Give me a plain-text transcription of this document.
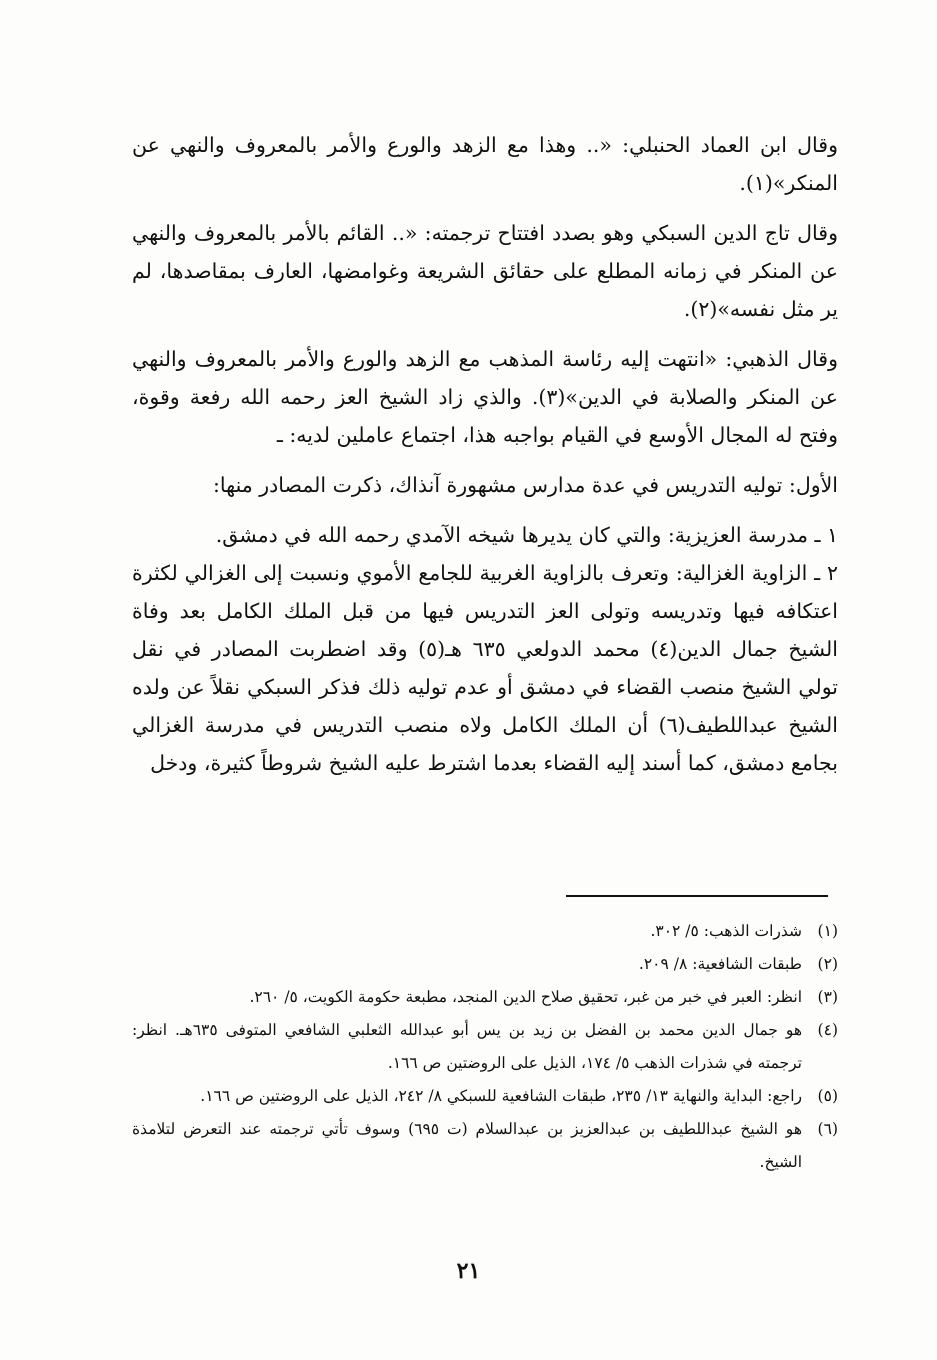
وقال ابن العماد الحنبلي: «.. وهذا مع الزهد والورع والأمر بالمعروف والنهي عن المنكر»(١).

وقال تاج الدين السبكي وهو بصدد افتتاح ترجمته: «.. القائم بالأمر بالمعروف والنهي عن المنكر في زمانه المطلع على حقائق الشريعة وغوامضها، العارف بمقاصدها، لم ير مثل نفسه»(٢).

وقال الذهبي: «انتهت إليه رئاسة المذهب مع الزهد والورع والأمر بالمعروف والنهي عن المنكر والصلابة في الدين»(٣). والذي زاد الشيخ العز رحمه الله رفعة وقوة، وفتح له المجال الأوسع في القيام بواجبه هذا، اجتماع عاملين لديه: ـ

الأول: توليه التدريس في عدة مدارس مشهورة آنذاك، ذكرت المصادر منها:

١ ـ مدرسة العزيزية: والتي كان يديرها شيخه الآمدي رحمه الله في دمشق.

٢ ـ الزاوية الغزالية: وتعرف بالزاوية الغربية للجامع الأموي ونسبت إلى الغزالي لكثرة اعتكافه فيها وتدريسه وتولى العز التدريس فيها من قبل الملك الكامل بعد وفاة الشيخ جمال الدين(٤) محمد الدولعي ٦٣٥ هـ(٥) وقد اضطربت المصادر في نقل تولي الشيخ منصب القضاء في دمشق أو عدم توليه ذلك فذكر السبكي نقلاً عن ولده الشيخ عبداللطيف(٦) أن الملك الكامل ولاه منصب التدريس في مدرسة الغزالي بجامع دمشق، كما أسند إليه القضاء بعدما اشترط عليه الشيخ شروطاً كثيرة، ودخل

(١)
شذرات الذهب: ٥/ ٣٠٢.
(٢)
طبقات الشافعية: ٨/ ٢٠٩.
(٣)
انظر: العبر في خبر من غبر، تحقيق صلاح الدين المنجد، مطبعة حكومة الكويت، ٥/ ٢٦٠.
(٤)
هو جمال الدين محمد بن الفضل بن زيد بن يس أبو عبدالله الثعلبي الشافعي المتوفى ٦٣٥هـ. انظر: ترجمته في شذرات الذهب ٥/ ١٧٤، الذيل على الروضتين ص ١٦٦.
(٥)
راجع: البداية والنهاية ١٣/ ٢٣٥، طبقات الشافعية للسبكي ٨/ ٢٤٢، الذيل على الروضتين ص ١٦٦.
(٦)
هو الشيخ عبداللطيف بن عبدالعزيز بن عبدالسلام (ت ٦٩٥) وسوف تأتي ترجمته عند التعرض لتلامذة الشيخ.
٢١
